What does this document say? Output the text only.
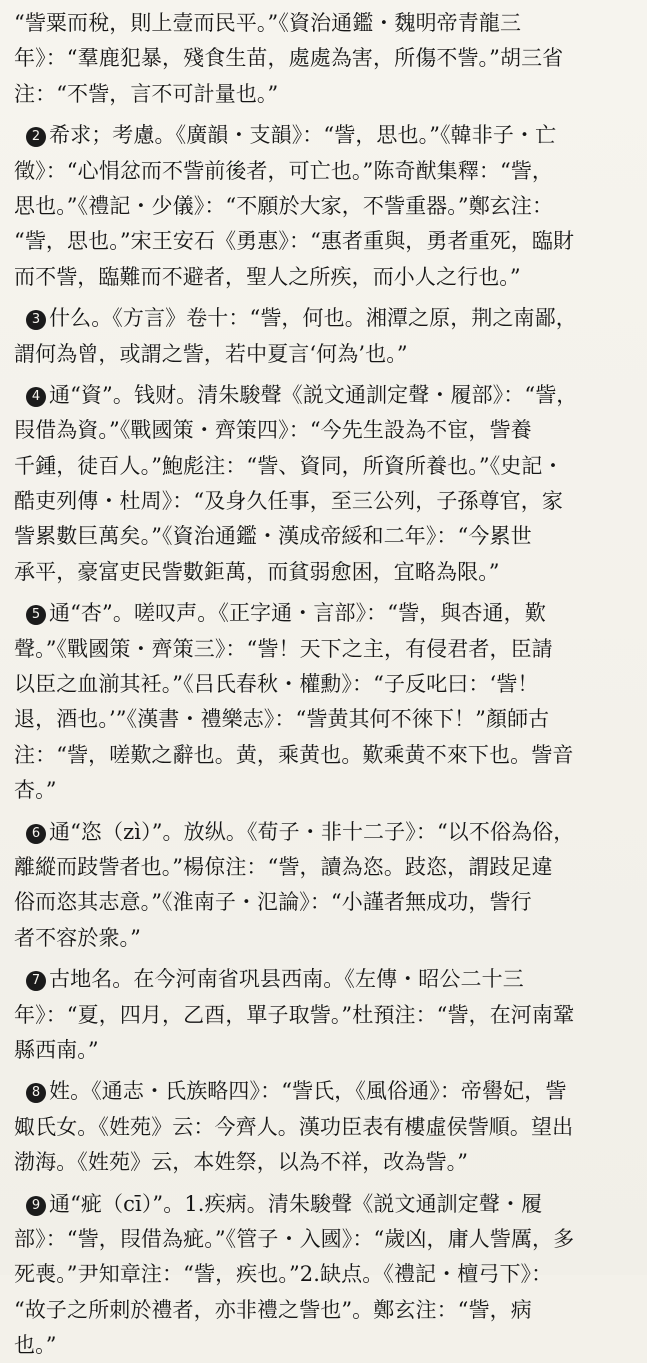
“訾粟而稅，則上壹而民平。”《資治通鑑・魏明帝青龍三
年》：“羣鹿犯暴，殘食生苗，處處為害，所傷不訾。”胡三省
注：“不訾，言不可計量也。”
2 希求；考慮。《廣韻・支韻》：“訾，思也。”《韓非子・亡
徵》：“心悁忿而不訾前後者，可亡也。”陈奇猷集釋：“訾，
思也。”《禮記・少儀》：“不願於大家，不訾重器。”鄭玄注：
“訾，思也。”宋王安石《勇惠》：“惠者重與，勇者重死，臨財
而不訾，臨難而不避者，聖人之所疾，而小人之行也。”
3 什么。《方言》卷十：“訾，何也。湘潭之原，荆之南鄙，
謂何為曾，或謂之訾，若中夏言‘何為’也。”
4 通“資”。钱财。清朱駿聲《説文通訓定聲・履部》：“訾，
叚借為資。”《戰國策・齊策四》：“今先生設為不宦，訾養
千鍾，徒百人。”鮑彪注：“訾、資同，所資所養也。”《史記・
酷吏列傳・杜周》：“及身久任事，至三公列，子孫尊官，家
訾累數巨萬矣。”《資治通鑑・漢成帝綏和二年》：“今累世
承平，豪富吏民訾數鉅萬，而貧弱愈困，宜略為限。”
5 通“杏”。嗟叹声。《正字通・言部》：“訾，與杏通，歎
聲。”《戰國策・齊策三》：“訾！天下之主，有侵君者，臣請
以臣之血湔其衽。”《吕氏春秋・權勳》：“子反叱曰：‘訾！
退，酒也。’”《漢書・禮樂志》：“訾黄其何不徠下！”顏師古
注：“訾，嗟歎之辭也。黄，乘黄也。歎乘黄不來下也。訾音
杏。”
6 通“恣（zì）”。放纵。《荀子・非十二子》：“以不俗為俗，
離縱而跂訾者也。”楊倞注：“訾，讀為恣。跂恣，謂跂足違
俗而恣其志意。”《淮南子・氾論》：“小謹者無成功，訾行
者不容於衆。”
7 古地名。在今河南省巩县西南。《左傳・昭公二十三
年》：“夏，四月，乙酉，單子取訾。”杜預注：“訾，在河南鞏
縣西南。”
8 姓。《通志・氏族略四》：“訾氏，《風俗通》：帝嚳妃，訾
娵氏女。《姓苑》云：今齊人。漢功臣表有樓虛侯訾順。望出
渤海。《姓苑》云，本姓祭，以為不祥，改為訾。”
9 通“疵（cī）”。1.疾病。清朱駿聲《説文通訓定聲・履
部》：“訾，叚借為疵。”《管子・入國》：“歲凶，庸人訾厲，多
死喪。”尹知章注：“訾，疾也。”2.缺点。《禮記・檀弓下》：
“故子之所刺於禮者，亦非禮之訾也”。鄭玄注：“訾，病
也。”
